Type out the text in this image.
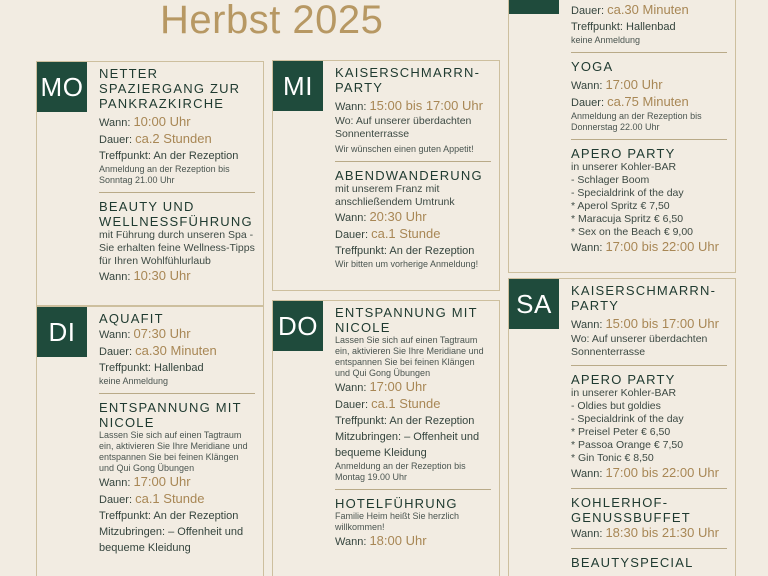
Herbst 2025
MO NETTER SPAZIERGANG ZUR PANKRAZKIRCHE
Wann: 10:00 Uhr
Dauer: ca.2 Stunden
Treffpunkt: An der Rezeption
Anmeldung an der Rezeption bis Sonntag 21.00 Uhr
BEAUTY UND WELLNESSFÜHRUNG
mit Führung durch unseren Spa - Sie erhalten feine Wellness-Tipps für Ihren Wohlfühlurlaub
Wann: 10:30 Uhr
DI	AQUAFIT
Wann: 07:30 Uhr
Dauer: ca.30 Minuten
Treffpunkt: Hallenbad
keine Anmeldung
ENTSPANNUNG MIT NICOLE
Lassen Sie sich auf einen Tagtraum ein, aktivieren Sie Ihre Meridiane und entspannen Sie bei feinen Klängen und Qui Gong Übungen
Wann: 17:00 Uhr
Dauer: ca.1 Stunde
Treffpunkt: An der Rezeption
Mitzubringen: – Offenheit und bequeme Kleidung
MI	KAISERSCHMARRN-PARTY
Wann: 15:00 bis 17:00 Uhr
Wo: Auf unserer überdachten Sonnenterrasse
Wir wünschen einen guten Appetit!
ABENDWANDERUNG
mit unserem Franz mit anschließendem Umtrunk
Wann: 20:30 Uhr
Dauer: ca.1 Stunde
Treffpunkt: An der Rezeption
Wir bitten um vorherige Anmeldung!
DO	ENTSPANNUNG MIT NICOLE
Lassen Sie sich auf einen Tagtraum ein, aktivieren Sie Ihre Meridiane und entspannen Sie bei feinen Klängen und Qui Gong Übungen
Wann: 17:00 Uhr
Dauer: ca.1 Stunde
Treffpunkt: An der Rezeption
Mitzubringen: – Offenheit und bequeme Kleidung
Anmeldung an der Rezeption bis Montag 19.00 Uhr
HOTELFÜHRUNG
Familie Heim heißt Sie herzlich willkommen!
Wann: 18:00 Uhr
Dauer: ca.30 Minuten
Treffpunkt: Hallenbad
keine Anmeldung
YOGA
Wann: 17:00 Uhr
Dauer: ca.75 Minuten
Anmeldung an der Rezeption bis Donnerstag 22.00 Uhr
APERO PARTY
in unserer Kohler-BAR
- Schlager Boom
- Specialdrink of the day
* Aperol Spritz € 7,50
* Maracuja Spritz € 6,50
* Sex on the Beach € 9,00
Wann: 17:00 bis 22:00 Uhr
SA	KAISERSCHMARRN-PARTY
Wann: 15:00 bis 17:00 Uhr
Wo: Auf unserer überdachten Sonnenterrasse
APERO PARTY
in unserer Kohler-BAR
- Oldies but goldies
- Specialdrink of the day
* Preisel Peter € 6,50
* Passoa Orange € 7,50
* Gin Tonic € 8,50
Wann: 17:00 bis 22:00 Uhr
KOHLERHOF-GENUSSBUFFET
Wann: 18:30 bis 21:30 Uhr
BEAUTYSPECIAL
